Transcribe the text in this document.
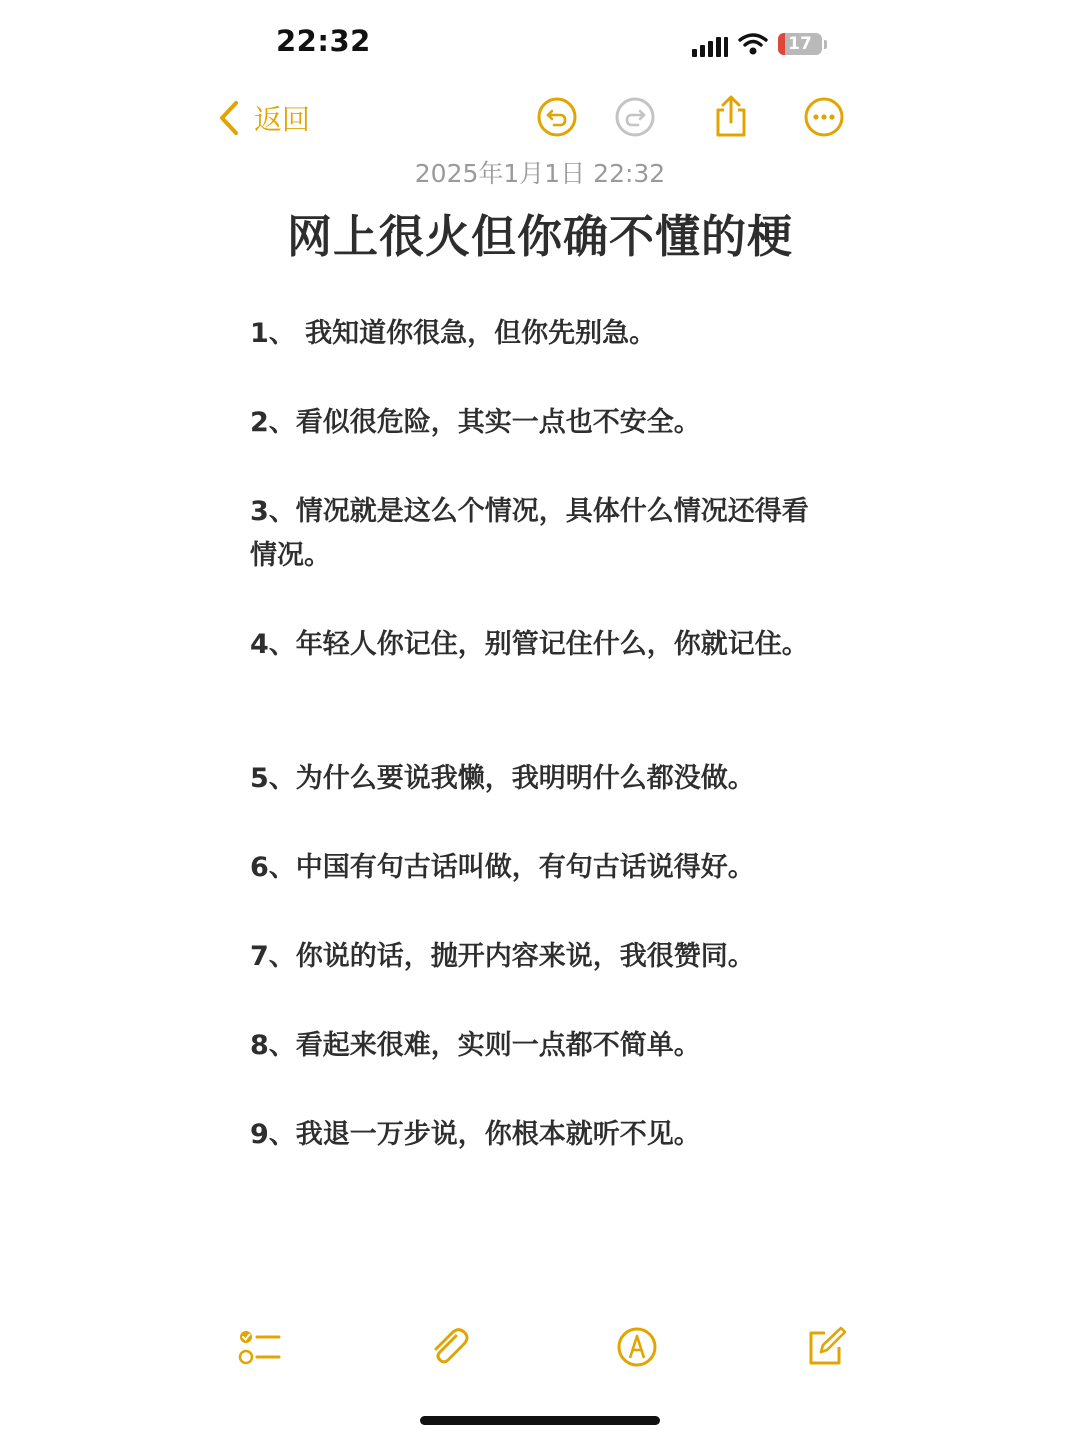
22:32	17
返回
2025年1月1日 22:32
网上很火但你确不懂的梗
1、 我知道你很急，但你先别急。
2、看似很危险，其实一点也不安全。
3、情况就是这么个情况，具体什么情况还得看情况。
4、年轻人你记住，别管记住什么，你就记住。
5、为什么要说我懒，我明明什么都没做。
6、中国有句古话叫做，有句古话说得好。
7、你说的话，抛开内容来说，我很赞同。
8、看起来很难，实则一点都不简单。
9、我退一万步说，你根本就听不见。
